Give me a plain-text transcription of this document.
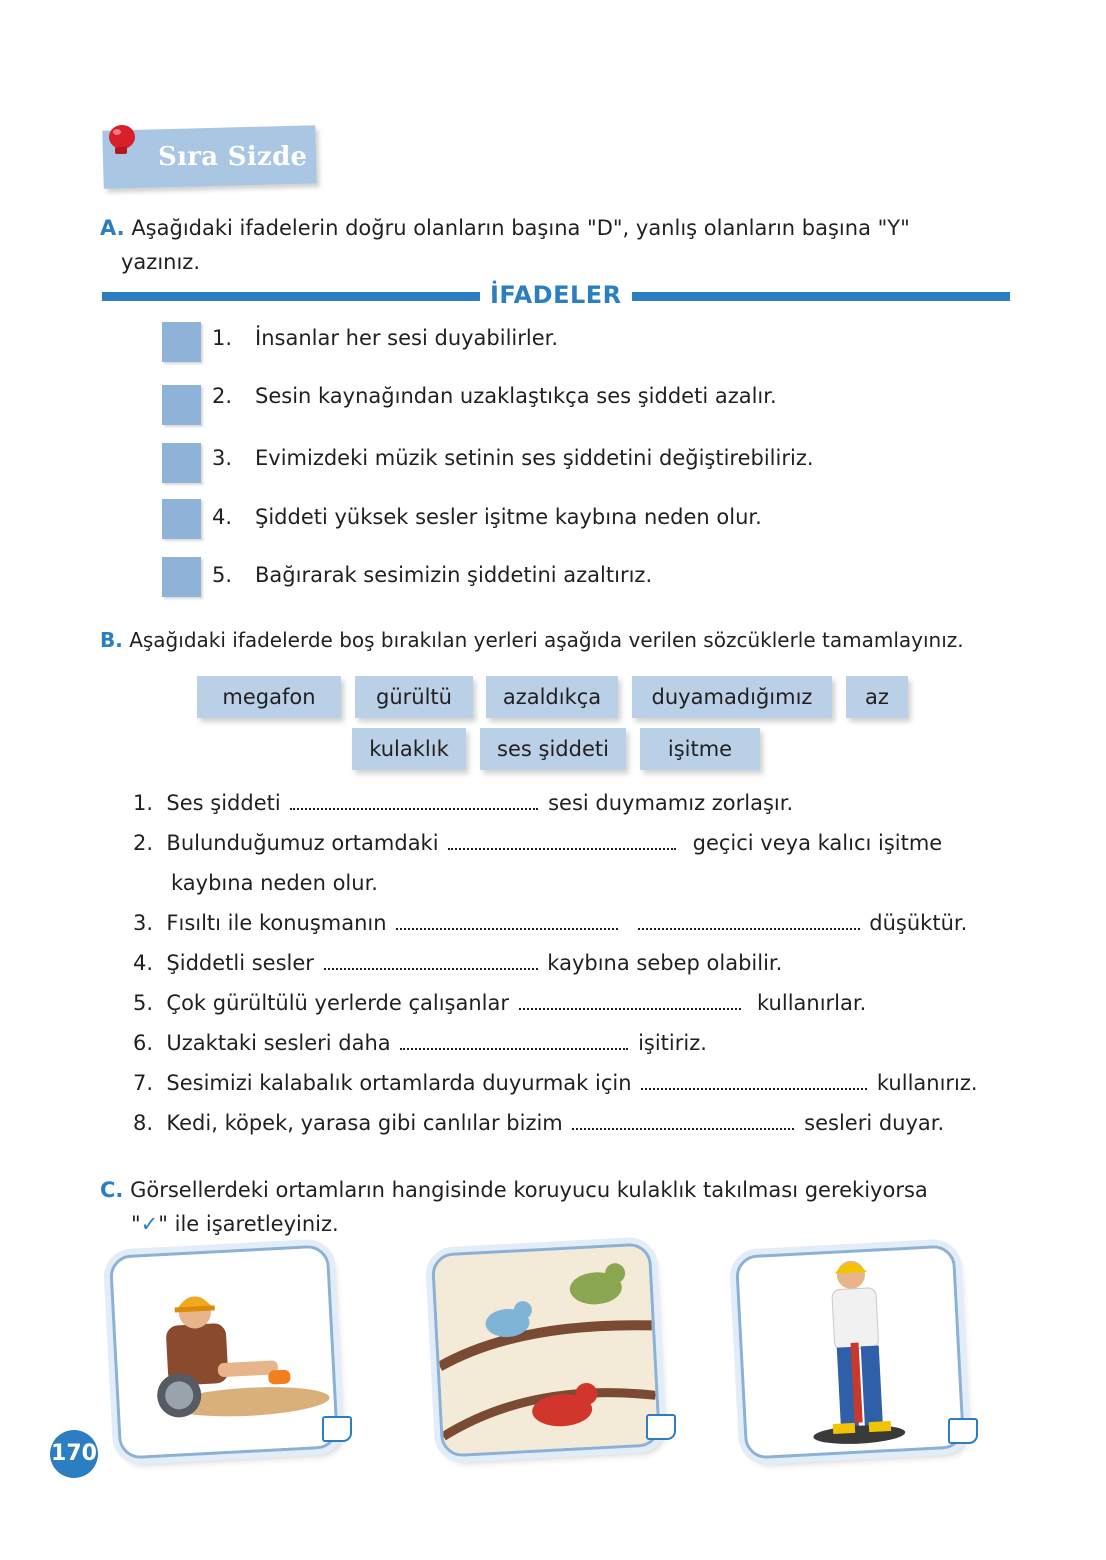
Sıra Sizde
A. Aşağıdaki ifadelerin doğru olanların başına "D", yanlış olanların başına "Y"
yazınız.
İFADELER
1. İnsanlar her sesi duyabilirler.
2. Sesin kaynağından uzaklaştıkça ses şiddeti azalır.
3. Evimizdeki müzik setinin ses şiddetini değiştirebiliriz.
4. Şiddeti yüksek sesler işitme kaybına neden olur.
5. Bağırarak sesimizin şiddetini azaltırız.
B. Aşağıdaki ifadelerde boş bırakılan yerleri aşağıda verilen sözcüklerle tamamlayınız.
megafon	gürültü	azaldıkça	duyamadığımız	az
kulaklık	ses şiddeti	işitme
1. Ses şiddeti	sesi duymamız zorlaşır.
2. Bulunduğumuz ortamdaki	geçici veya kalıcı işitme
kaybına neden olur.
3. Fısıltı ile konuşmanın	düşüktür.
4. Şiddetli sesler	kaybına sebep olabilir.
5. Çok gürültülü yerlerde çalışanlar	kullanırlar.
6. Uzaktaki sesleri daha	işitiriz.
7. Sesimizi kalabalık ortamlarda duyurmak için	kullanırız.
8. Kedi, köpek, yarasa gibi canlılar bizim	sesleri duyar.
C. Görsellerdeki ortamların hangisinde koruyucu kulaklık takılması gerekiyorsa
"✓" ile işaretleyiniz.
170
